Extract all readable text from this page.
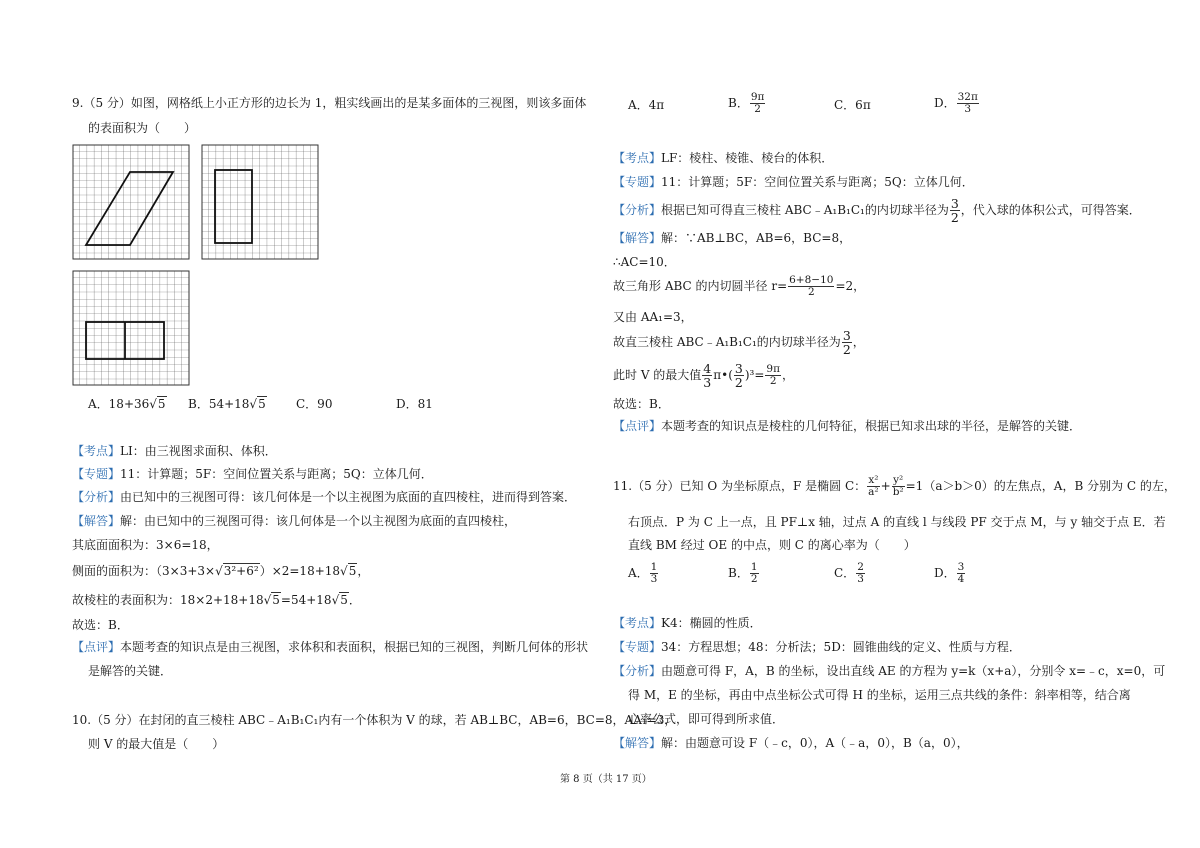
9.（5 分）如图，网格纸上小正方形的边长为 1，粗实线画出的是某多面体的三视图，则该多面体
的表面积为（　　）
A．18+36√5 B．54+18√5	C．90	D．81
【考点】LI：由三视图求面积、体积．
【专题】11：计算题；5F：空间位置关系与距离；5Q：立体几何．
【分析】由已知中的三视图可得：该几何体是一个以主视图为底面的直四棱柱，进而得到答案．
【解答】解：由已知中的三视图可得：该几何体是一个以主视图为底面的直四棱柱，
其底面面积为：3×6=18，
侧面的面积为：（3×3+3×√3²+6²）×2=18+18√5，
故棱柱的表面积为：18×2+18+18√5=54+18√5．
故选：B．
【点评】本题考查的知识点是由三视图，求体积和表面积，根据已知的三视图，判断几何体的形状
是解答的关键．
10.（5 分）在封闭的直三棱柱 ABC﹣A₁B₁C₁内有一个体积为 V 的球，若 AB⊥BC，AB=6，BC=8，AA₁=3，
则 V 的最大值是（　　）
A．4π	B． $\frac{9\pi}{2}$	C．6π	D． $\frac{32\pi}{3}$
【考点】LF：棱柱、棱锥、棱台的体积．
【专题】11：计算题；5F：空间位置关系与距离；5Q：立体几何．
【分析】根据已知可得直三棱柱 ABC﹣A₁B₁C₁的内切球半径为 $\frac{3}{2}$ ，代入球的体积公式，可得答案．
【解答】解：∵AB⊥BC，AB=6，BC=8，
∴AC=10．
故三角形 ABC 的内切圆半径 $r= \frac{6+8-10}{2} =2$，
又由 AA₁=3，
故直三棱柱 ABC﹣A₁B₁C₁的内切球半径为 $\frac{3}{2}$ ，
此时 V 的最大值 $\frac{4}{3}$ π•( $\frac{3}{2} )^3= \frac{9\pi}{2}$ ，
故选：B．
【点评】本题考查的知识点是棱柱的几何特征，根据已知求出球的半径，是解答的关键．
11.（5 分）已知 O 为坐标原点，F 是椭圆 C： $\frac{\text{x²}}{\text{a²}} + \frac{\text{y²}}{\text{b²}} =1(a>b>0)$的左焦点，A，B 分别为 C 的左，
右顶点．P 为 C 上一点，且 PF⊥x 轴，过点 A 的直线 l 与线段 PF 交于点 M，与 y 轴交于点 E．若
直线 BM 经过 OE 的中点，则 C 的离心率为（　　）
A． $\frac{1}{3}$	B． $\frac{1}{2}$	C． $\frac{2}{3}$	D． $\frac{3}{4}$
【考点】K4：椭圆的性质．
【专题】34：方程思想；48：分析法；5D：圆锥曲线的定义、性质与方程．
【分析】由题意可得 F，A，B 的坐标，设出直线 AE 的方程为 y=k（x+a），分别令 x=﹣c，x=0，可
得 M，E 的坐标，再由中点坐标公式可得 H 的坐标，运用三点共线的条件：斜率相等，结合离
心率公式，即可得到所求值．
【解答】解：由题意可设 F（﹣c，0），A（﹣a，0），B（a，0），
第 8 页（共 17 页）
